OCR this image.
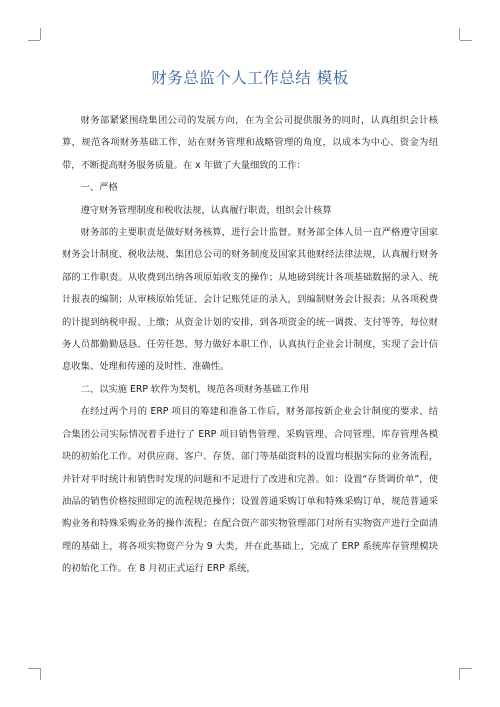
财务总监个人工作总结 模板

财务部紧紧围绕集团公司的发展方向，在为全公司提供服务的同时，认真组织会计核算，规范各项财务基础工作，站在财务管理和战略管理的角度，以成本为中心、资金为纽带，不断提高财务服务质量。在 x 年做了大量细致的工作：

一、严格

遵守财务管理制度和税收法规，认真履行职责，组织会计核算

财务部的主要职责是做好财务核算，进行会计监督。财务部全体人员一直严格遵守国家财务会计制度、税收法规、集团总公司的财务制度及国家其他财经法律法规，认真履行财务部的工作职责。从收费到出纳各项原始收支的操作；从地磅到统计各项基础数据的录入、统计报表的编制；从审核原始凭证、会计记账凭证的录入，到编制财务会计报表；从各项税费的计提到纳税申报、上缴；从资金计划的安排，到各项资金的统一调拨、支付等等，每位财务人员都勤勤恳恳、任劳任怨、努力做好本职工作，认真执行企业会计制度，实现了会计信息收集、处理和传递的及时性、准确性。

二、以实施 ERP 软件为契机，规范各项财务基础工作用

在经过两个月的 ERP 项目的筹建和准备工作后，财务部按新企业会计制度的要求、结合集团公司实际情况着手进行了 ERP 项目销售管理、采购管理、合同管理、库存管理各模块的初始化工作。对供应商、客户、存货、部门等基础资料的设置均根据实际的业务流程，并针对平时统计和销售时发现的问题和不足进行了改进和完善。如：设置“存货调价单”，使油品的销售价格按照即定的流程规范操作；设置普通采购订单和特殊采购订单，规范普通采购业务和特殊采购业务的操作流程；在配合资产部实物管理部门对所有实物资产进行全面清理的基础上，将各项实物资产分为 9 大类，并在此基础上，完成了 ERP 系统库存管理模块的初始化工作。在 8 月初正式运行 ERP 系统，
